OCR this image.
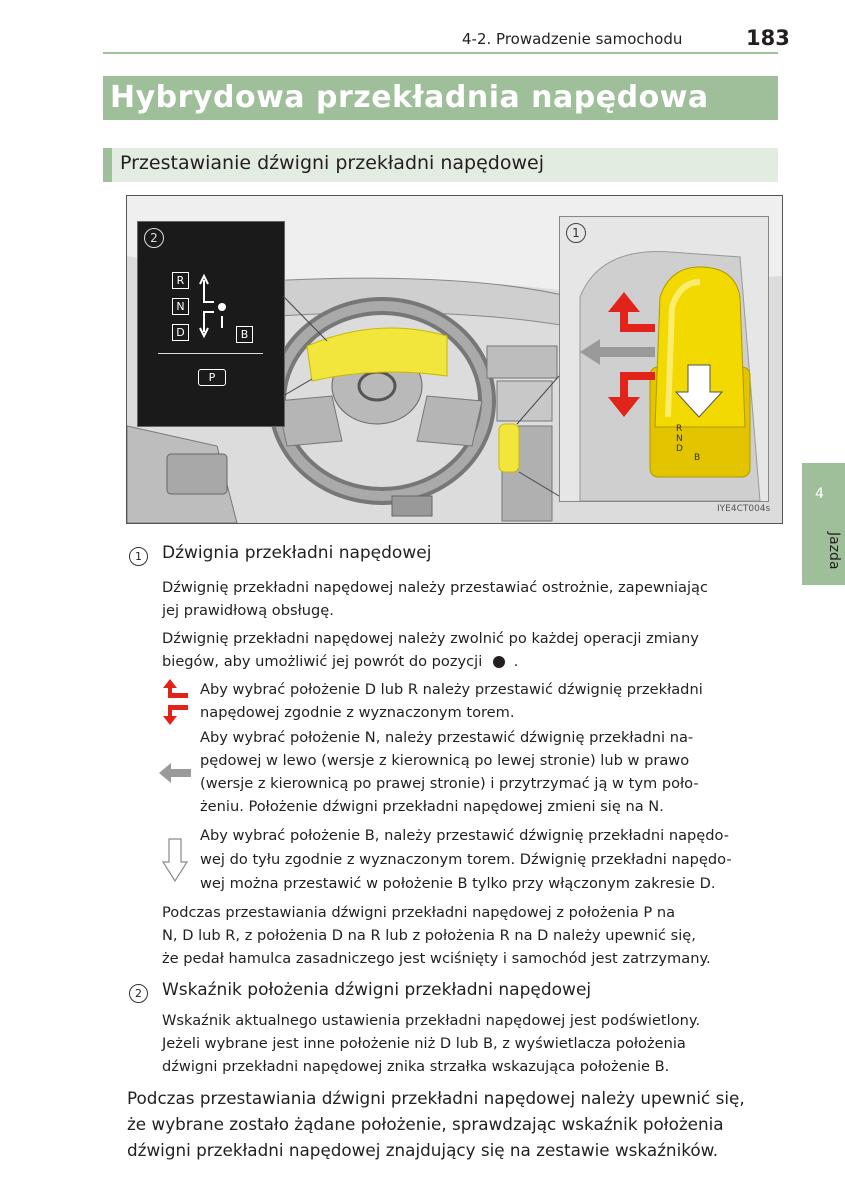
4-2. Prowadzenie samochodu	183
Hybrydowa przekładnia napędowa
Przestawianie dźwigni przekładni napędowej
2
R
N
D	B
P
1
R
N
D
B
IYE4CT004s
4
Jazda
1	Dźwignia przekładni napędowej
Dźwignię przekładni napędowej należy przestawiać ostrożnie, zapewniając
jej prawidłową obsługę.
Dźwignię przekładni napędowej należy zwolnić po każdej operacji zmiany
biegów, aby umożliwić jej powrót do pozycji .
Aby wybrać położenie D lub R należy przestawić dźwignię przekładni
napędowej zgodnie z wyznaczonym torem.
Aby wybrać położenie N, należy przestawić dźwignię przekładni na-
pędowej w lewo (wersje z kierownicą po lewej stronie) lub w prawo
(wersje z kierownicą po prawej stronie) i przytrzymać ją w tym poło-
żeniu. Położenie dźwigni przekładni napędowej zmieni się na N.
Aby wybrać położenie B, należy przestawić dźwignię przekładni napędo-
wej do tyłu zgodnie z wyznaczonym torem. Dźwignię przekładni napędo-
wej można przestawić w położenie B tylko przy włączonym zakresie D.
Podczas przestawiania dźwigni przekładni napędowej z położenia P na
N, D lub R, z położenia D na R lub z położenia R na D należy upewnić się,
że pedał hamulca zasadniczego jest wciśnięty i samochód jest zatrzymany.
2	Wskaźnik położenia dźwigni przekładni napędowej
Wskaźnik aktualnego ustawienia przekładni napędowej jest podświetlony.
Jeżeli wybrane jest inne położenie niż D lub B, z wyświetlacza położenia
dźwigni przekładni napędowej znika strzałka wskazująca położenie B.
Podczas przestawiania dźwigni przekładni napędowej należy upewnić się,
że wybrane zostało żądane położenie, sprawdzając wskaźnik położenia
dźwigni przekładni napędowej znajdujący się na zestawie wskaźników.
